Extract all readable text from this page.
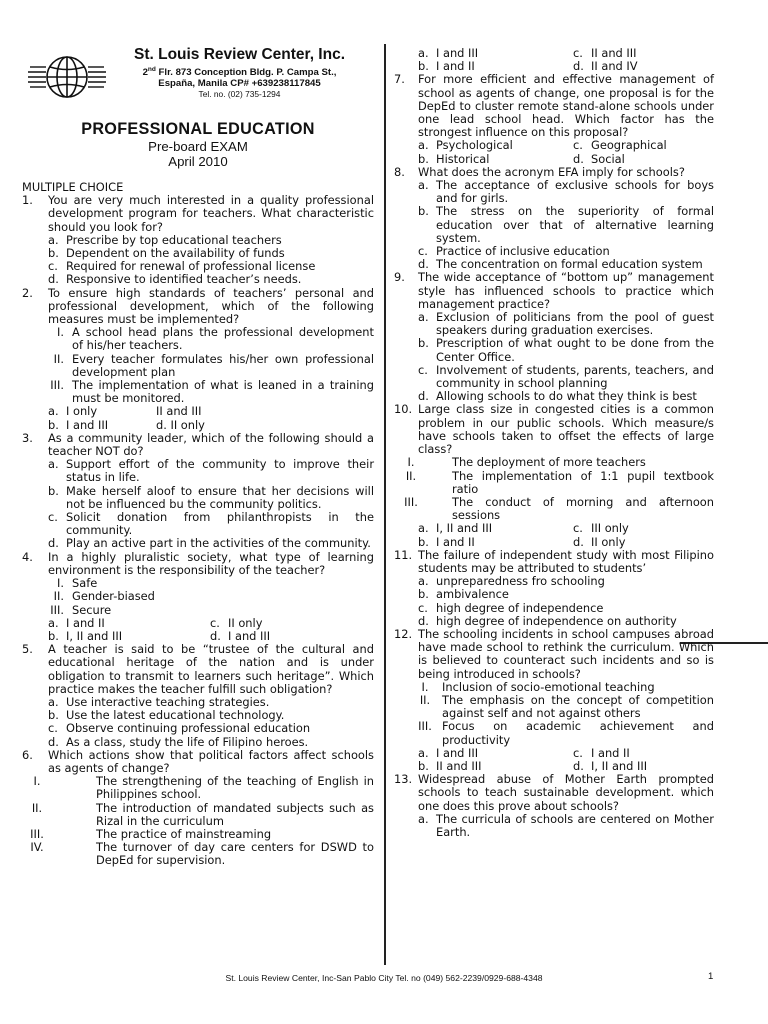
St. Louis Review Center, Inc.
2nd Flr. 873 Conception Bldg. P. Campa St.,
España, Manila CP# +639238117845
Tel. no. (02) 735-1294
PROFESSIONAL EDUCATION
Pre-board EXAM
April 2010
MULTIPLE CHOICE
1.	You are very much interested in a quality professional development program for teachers. What characteristic should you look for?
a. Prescribe by top educational teachers
b. Dependent on the availability of funds
c. Required for renewal of professional license
d. Responsive to identified teacher’s needs.
2.	To ensure high standards of teachers’ personal and professional development, which of the following measures must be implemented?
I. A school head plans the professional development of his/her teachers.
II. Every teacher formulates his/her own professional development plan
III. The implementation of what is leaned in a training must be monitored.
a. I only	II and III
b. I and III	d. II only
3.	As a community leader, which of the following should a teacher NOT do?
a. Support effort of the community to improve their status in life.
b. Make herself aloof to ensure that her decisions will not be influenced bu the community politics.
c. Solicit donation from philanthropists in the community.
d. Play an active part in the activities of the community.
4.	In a highly pluralistic society, what type of learning environment is the responsibility of the teacher?
I. Safe
II. Gender-biased
III. Secure
a. I and II	c. II only
b. I, II and III	d. I and III
5.	A teacher is said to be “trustee of the cultural and educational heritage of the nation and is under obligation to transmit to learners such heritage”. Which practice makes the teacher fulfill such obligation?
a. Use interactive teaching strategies.
b. Use the latest educational technology.
c. Observe continuing professional education
d. As a class, study the life of Filipino heroes.
6.	Which actions show that political factors affect schools as agents of change?
I.	The strengthening of the teaching of English in Philippines school.
II.	The introduction of mandated subjects such as Rizal in the curriculum
III.	The practice of mainstreaming
IV.	The turnover of day care centers for DSWD to DepEd for supervision.
a. I and III	c. II and III
b. I and II	d. II and IV
7.	For more efficient and effective management of school as agents of change, one proposal is for the DepEd to cluster remote stand-alone schools under one lead school head. Which factor has the strongest influence on this proposal?
a. Psychological	c. Geographical
b. Historical	d. Social
8.	What does the acronym EFA imply for schools?
a. The acceptance of exclusive schools for boys and for girls.
b. The stress on the superiority of formal education over that of alternative learning system.
c. Practice of inclusive education
d. The concentration on formal education system
9.	The wide acceptance of “bottom up” management style has influenced schools to practice which management practice?
a. Exclusion of politicians from the pool of guest speakers during graduation exercises.
b. Prescription of what ought to be done from the Center Office.
c. Involvement of students, parents, teachers, and community in school planning
d. Allowing schools to do what they think is best
10. Large class size in congested cities is a common problem in our public schools. Which measure/s have schools taken to offset the effects of large class?
I.	The deployment of more teachers
II.	The implementation of 1:1 pupil textbook ratio
III.	The conduct of morning and afternoon sessions
a. I, II and III	c. III only
b. I and II	d. II only
11. The failure of independent study with most Filipino students may be attributed to students’
a. unpreparedness fro schooling
b. ambivalence
c. high degree of independence
d. high degree of independence on authority
12. The schooling incidents in school campuses abroad have made school to rethink the curriculum. Which is believed to counteract such incidents and so is being introduced in schools?
I.	Inclusion of socio-emotional teaching
II.	The emphasis on the concept of competition against self and not against others
III. Focus on academic achievement and productivity
a. I and III	c. I and II
b. II and III	d. I, II and III
13. Widespread abuse of Mother Earth prompted schools to teach sustainable development. which one does this prove about schools?
a. The curricula of schools are centered on Mother Earth.
St. Louis Review Center, Inc-San Pablo City Tel. no (049) 562-2239/0929-688-4348	1
